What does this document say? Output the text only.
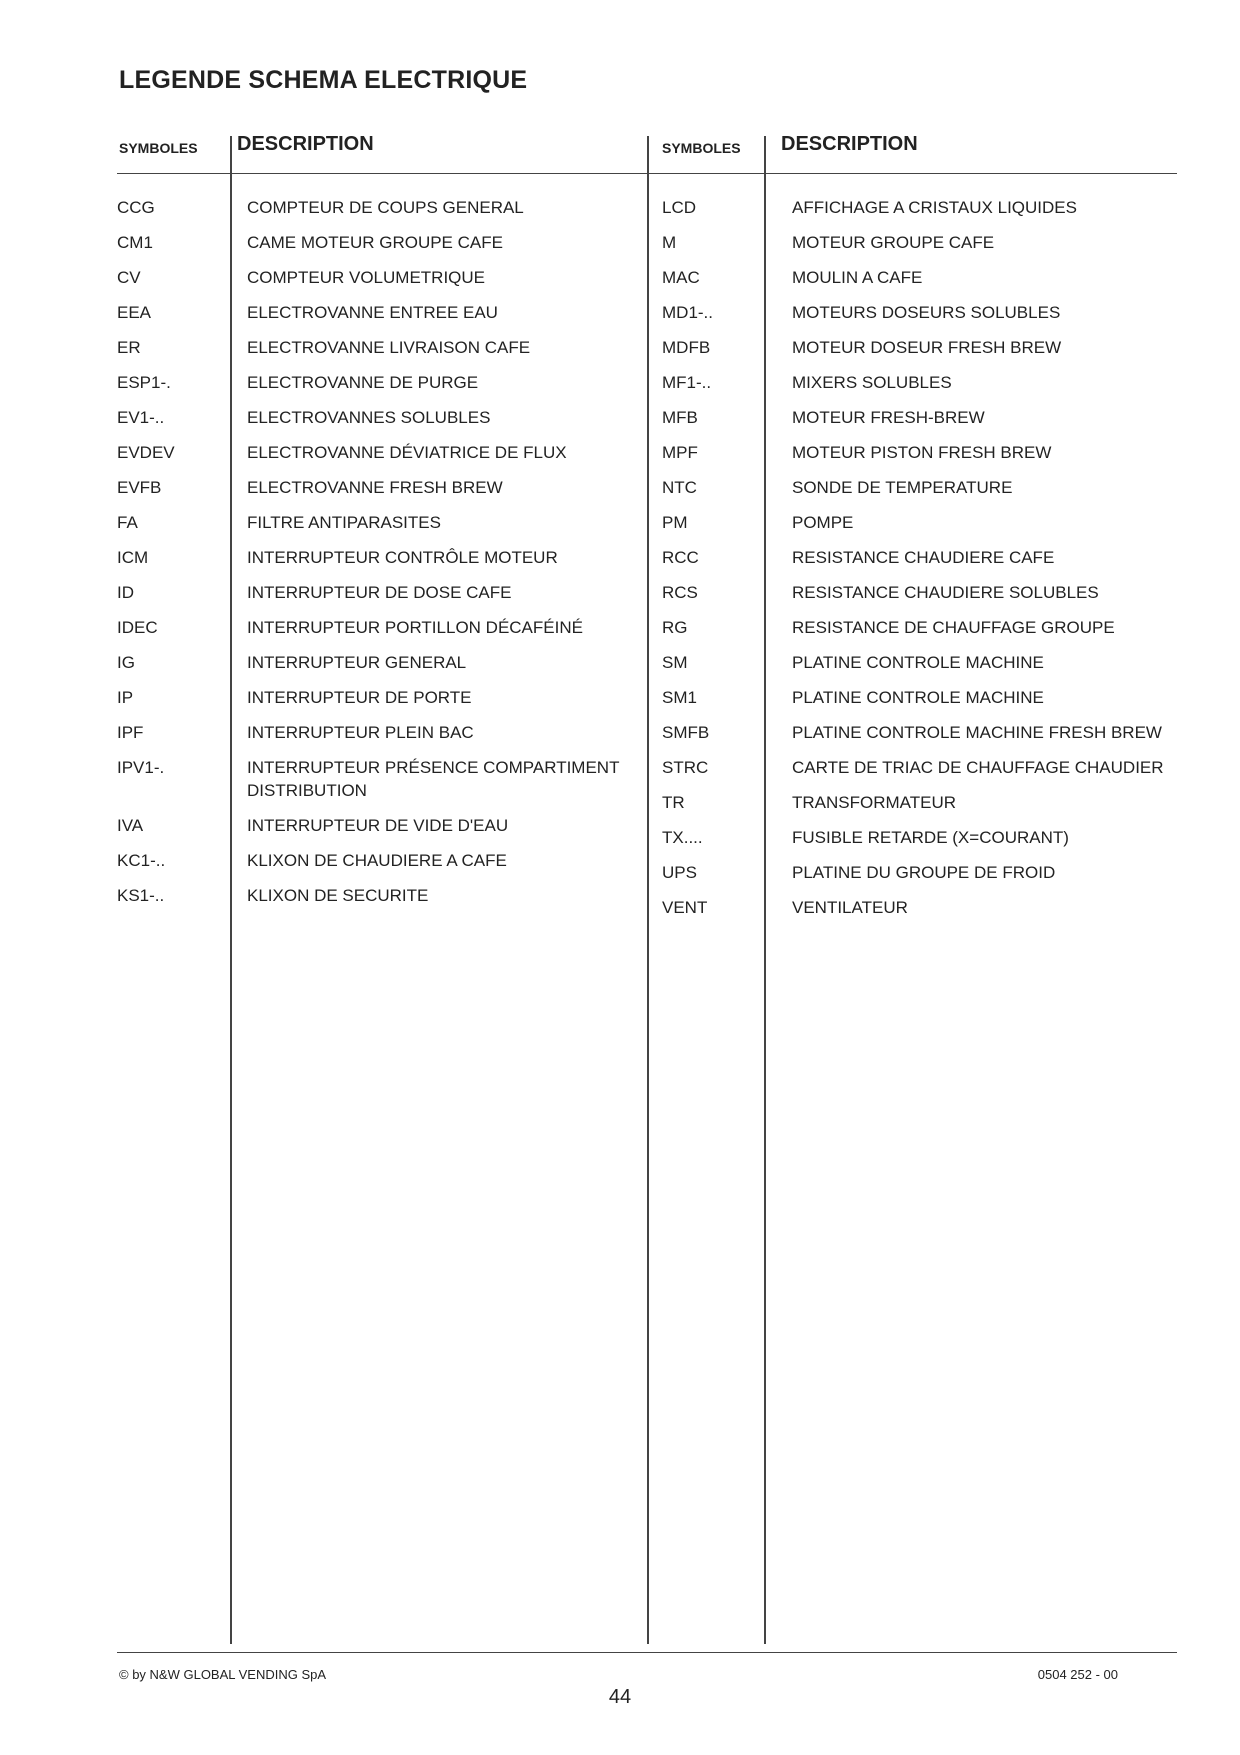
LEGENDE SCHEMA ELECTRIQUE
SYMBOLES DESCRIPTION	SYMBOLES DESCRIPTION
CCG	COMPTEUR DE COUPS GENERAL
CM1	CAME MOTEUR GROUPE CAFE
CV	COMPTEUR VOLUMETRIQUE
EEA	ELECTROVANNE ENTREE EAU
ER	ELECTROVANNE LIVRAISON CAFE
ESP1-.	ELECTROVANNE DE PURGE
EV1-..	ELECTROVANNES SOLUBLES
EVDEV	ELECTROVANNE DÉVIATRICE DE FLUX
EVFB	ELECTROVANNE FRESH BREW
FA	FILTRE ANTIPARASITES
ICM	INTERRUPTEUR CONTRÔLE MOTEUR
ID	INTERRUPTEUR DE DOSE CAFE
IDEC	INTERRUPTEUR PORTILLON DÉCAFÉINÉ
IG	INTERRUPTEUR GENERAL
IP	INTERRUPTEUR DE PORTE
IPF	INTERRUPTEUR PLEIN BAC
IPV1-.	INTERRUPTEUR PRÉSENCE COMPARTIMENT DISTRIBUTION
IVA	INTERRUPTEUR DE VIDE D'EAU
KC1-..	KLIXON DE CHAUDIERE A CAFE
KS1-..	KLIXON DE SECURITE
LCD	AFFICHAGE A CRISTAUX LIQUIDES
M	MOTEUR GROUPE CAFE
MAC	MOULIN A CAFE
MD1-..	MOTEURS DOSEURS SOLUBLES
MDFB	MOTEUR DOSEUR FRESH BREW
MF1-..	MIXERS SOLUBLES
MFB	MOTEUR FRESH-BREW
MPF	MOTEUR PISTON FRESH BREW
NTC	SONDE DE TEMPERATURE
PM	POMPE
RCC	RESISTANCE CHAUDIERE CAFE
RCS	RESISTANCE CHAUDIERE SOLUBLES
RG	RESISTANCE DE CHAUFFAGE GROUPE
SM	PLATINE CONTROLE MACHINE
SM1	PLATINE CONTROLE MACHINE
SMFB	PLATINE CONTROLE MACHINE FRESH BREW
STRC	CARTE DE TRIAC DE CHAUFFAGE CHAUDIER
TR	TRANSFORMATEUR
TX....	FUSIBLE RETARDE (X=COURANT)
UPS	PLATINE DU GROUPE DE FROID
VENT	VENTILATEUR
© by N&W GLOBAL VENDING SpA	0504 252 - 00
44
